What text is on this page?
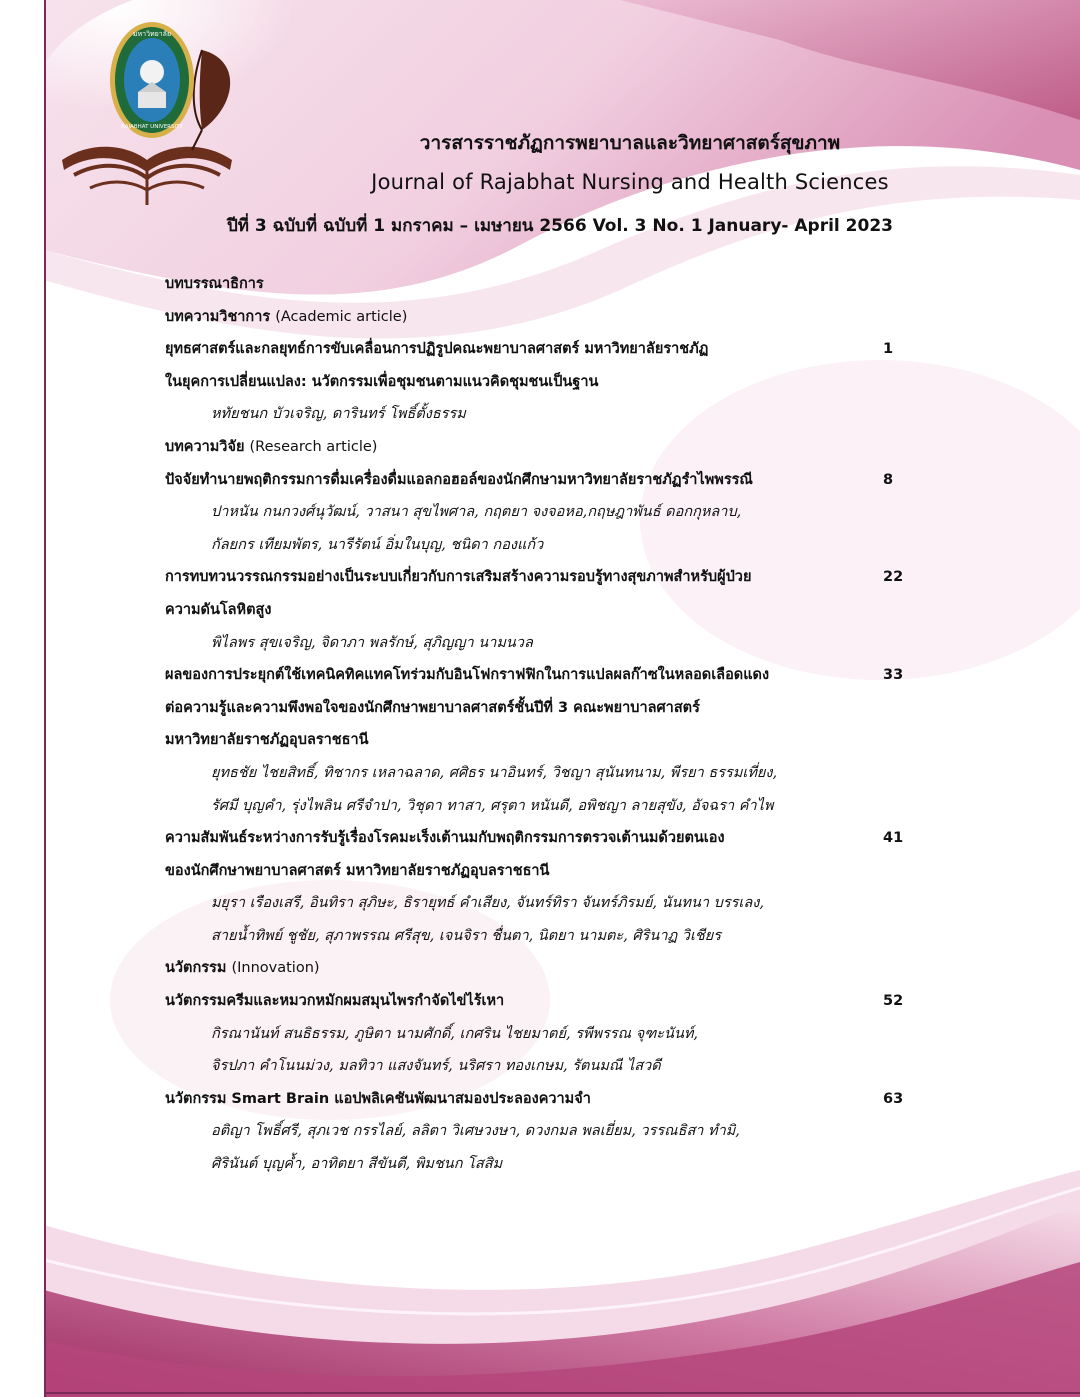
มหาวิทยาลัย
RAJABHAT UNIVERSITY
วารสารราชภัฏการพยาบาลและวิทยาศาสตร์สุขภาพ
Journal of Rajabhat Nursing and Health Sciences
ปีที่ 3 ฉบับที่ ฉบับที่ 1 มกราคม – เมษายน 2566 Vol. 3 No. 1 January- April 2023
บทบรรณาธิการ
บทความวิชาการ (Academic article)
ยุทธศาสตร์และกลยุทธ์การขับเคลื่อนการปฏิรูปคณะพยาบาลศาสตร์ มหาวิทยาลัยราชภัฏ	1
ในยุคการเปลี่ยนแปลง: นวัตกรรมเพื่อชุมชนตามแนวคิดชุมชนเป็นฐาน
หทัยชนก บัวเจริญ, ดารินทร์ โพธิ์ตั้งธรรม
บทความวิจัย (Research article)
ปัจจัยทำนายพฤติกรรมการดื่มเครื่องดื่มแอลกอฮอล์ของนักศึกษามหาวิทยาลัยราชภัฏรำไพพรรณี	8
ปาหนัน กนกวงศ์นุวัฒน์, วาสนา สุขไพศาล, กฤตยา จงจอหอ,กฤษฎาพันธ์ ดอกกุหลาบ,
กัลยกร เทียมพัตร, นารีรัตน์ อิ่มในบุญ, ชนิดา กองแก้ว
การทบทวนวรรณกรรมอย่างเป็นระบบเกี่ยวกับการเสริมสร้างความรอบรู้ทางสุขภาพสำหรับผู้ป่วย	22
ความดันโลหิตสูง
พิไลพร สุขเจริญ, จิดาภา พลรักษ์, สุภิญญา นามนวล
ผลของการประยุกต์ใช้เทคนิคทิคแทคโทร่วมกับอินโฟกราฟฟิกในการแปลผลก๊าซในหลอดเลือดแดง	33
ต่อความรู้และความพึงพอใจของนักศึกษาพยาบาลศาสตร์ชั้นปีที่ 3 คณะพยาบาลศาสตร์
มหาวิทยาลัยราชภัฏอุบลราชธานี
ยุทธชัย ไชยสิทธิ์, ทิชากร เหลาฉลาด, ศศิธร นาอินทร์, วิชญา สุนันทนาม, พีรยา ธรรมเที่ยง,
รัศมี บุญคำ, รุ่งไพลิน ศรีจำปา, วิชุดา ทาสา, ศรุตา หนันดี, อพิชญา ลายสุขัง, อัจฉรา คำไพ
ความสัมพันธ์ระหว่างการรับรู้เรื่องโรคมะเร็งเต้านมกับพฤติกรรมการตรวจเต้านมด้วยตนเอง	41
ของนักศึกษาพยาบาลศาสตร์ มหาวิทยาลัยราชภัฏอุบลราชธานี
มยุรา เรืองเสรี, อินทิรา สุภิษะ, ธิรายุทธ์ คำเสียง, จันทร์ทิรา จันทร์ภิรมย์, นันทนา บรรเลง,
สายน้ำทิพย์ ชูชัย, สุภาพรรณ ศรีสุข, เจนจิรา ชื่นตา, นิตยา นามตะ, ศิรินาฏ วิเชียร
นวัตกรรม (Innovation)
นวัตกรรมครีมและหมวกหมักผมสมุนไพรกำจัดไข่ไร้เหา	52
กิรณานันท์ สนธิธรรม, ภูษิตา นามศักดิ์, เกศริน ไชยมาตย์, รพีพรรณ จุฑะนันท์,
จิรปภา คำโนนม่วง, มลทิวา แสงจันทร์, นริศรา ทองเกษม, รัตนมณี ไสวดี
นวัตกรรม Smart Brain แอปพลิเคชันพัฒนาสมองประลองความจำ	63
อติญา โพธิ์ศรี, สุภเวช กรรไลย์, ลลิตา วิเศษวงษา, ดวงกมล พลเยี่ยม, วรรณธิสา ทำมิ,
ศิรินันต์ บุญค้ำ, อาทิตยา สีขันตี, พิมชนก โสสิม
